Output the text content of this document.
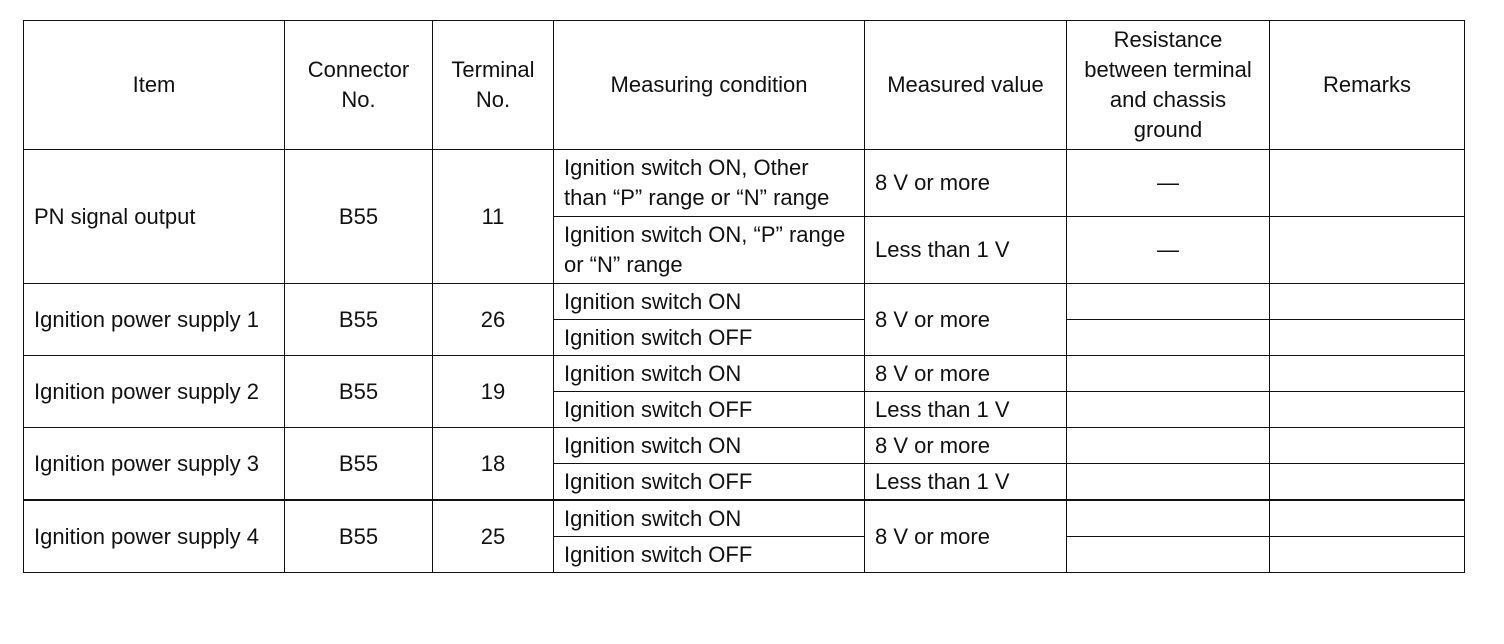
Item	Connector No.	Terminal No.	Measuring condition	Measured value	Resistance between terminal and chassis ground	Remarks
PN signal output	B55	11	Ignition switch ON, Other than “P” range or “N” range	8 V or more	—	
			Ignition switch ON, “P” range or “N” range	Less than 1 V	—	
Ignition power supply 1	B55	26	Ignition switch ON	8 V or more		
			Ignition switch OFF			
Ignition power supply 2	B55	19	Ignition switch ON	8 V or more		
			Ignition switch OFF	Less than 1 V		
Ignition power supply 3	B55	18	Ignition switch ON	8 V or more		
			Ignition switch OFF	Less than 1 V		
Ignition power supply 4	B55	25	Ignition switch ON	8 V or more		
			Ignition switch OFF			
